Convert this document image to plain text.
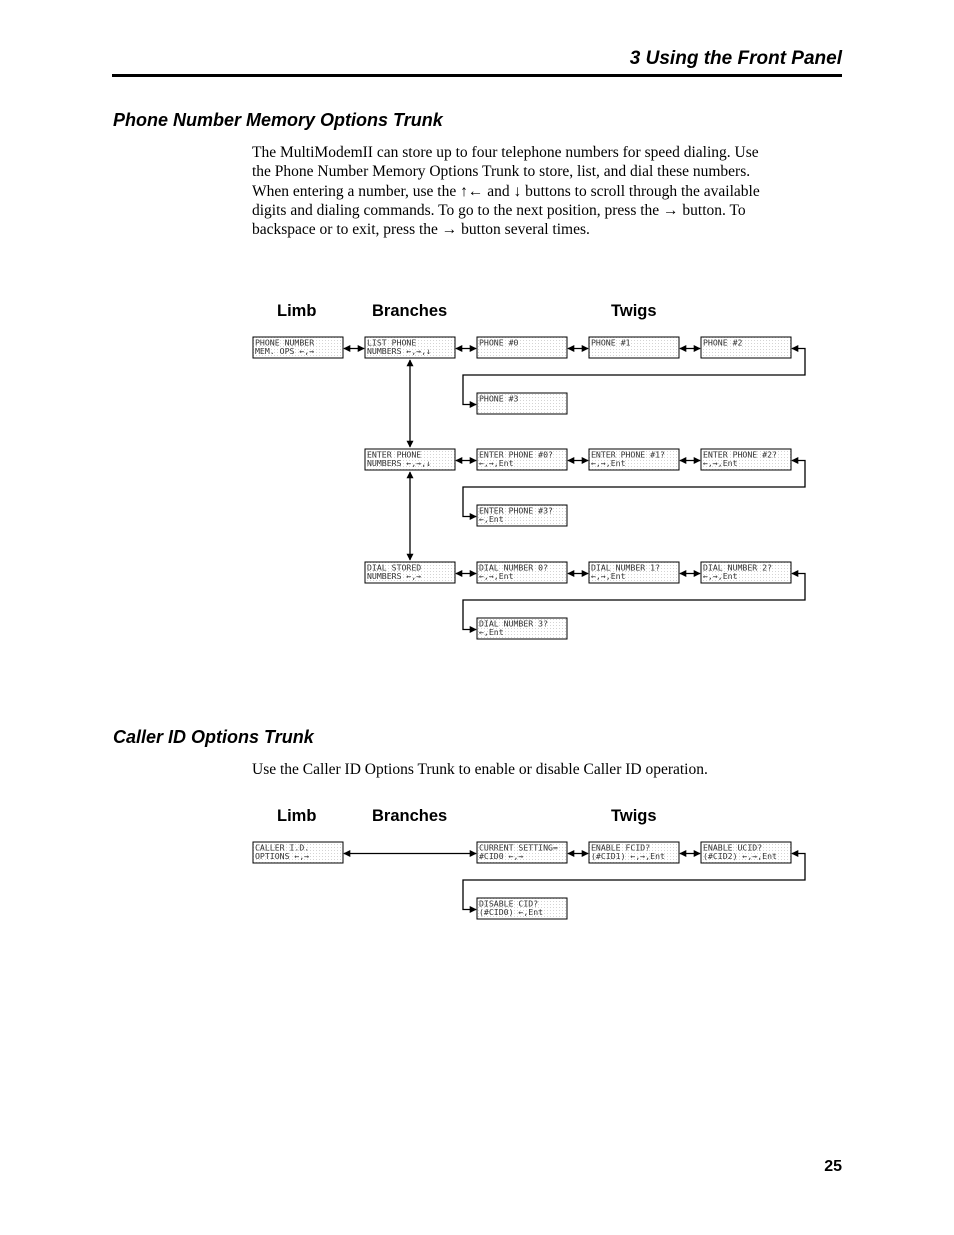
3 Using the Front Panel
Phone Number Memory Options Trunk
The MultiModemII can store up to four telephone numbers for speed dialing. Use
the Phone Number Memory Options Trunk to store, list, and dial these numbers.
When entering a number, use the ↑← and ↓ buttons to scroll through the available
digits and dialing commands. To go to the next position, press the → button. To
backspace or to exit, press the → button several times.
Limb	Branches	Twigs
Caller ID Options Trunk
Use the Caller ID Options Trunk to enable or disable Caller ID operation.
Limb	Branches	Twigs
PHONE NUMBER
MEM. OPS ←,→
LIST PHONE
NUMBERS ←,→,↓
PHONE #0	PHONE #1	PHONE #2
PHONE #3
ENTER PHONE
NUMBERS ←,→,↓
ENTER PHONE #0?
←,→,Ent
ENTER PHONE #1?
←,→,Ent
ENTER PHONE #2?
←,→,Ent
ENTER PHONE #3?
←,Ent
DIAL STORED
NUMBERS ←,→
DIAL NUMBER 0?
←,→,Ent
DIAL NUMBER 1?
←,→,Ent
DIAL NUMBER 2?
←,→,Ent
DIAL NUMBER 3?
←,Ent
CALLER I.D.
OPTIONS ←,→
CURRENT SETTING=
#CID0 ←,→
ENABLE FCID?
(#CID1) ←,→,Ent
ENABLE UCID?
(#CID2) ←,→,Ent
DISABLE CID?
(#CID0) ←,Ent
25
